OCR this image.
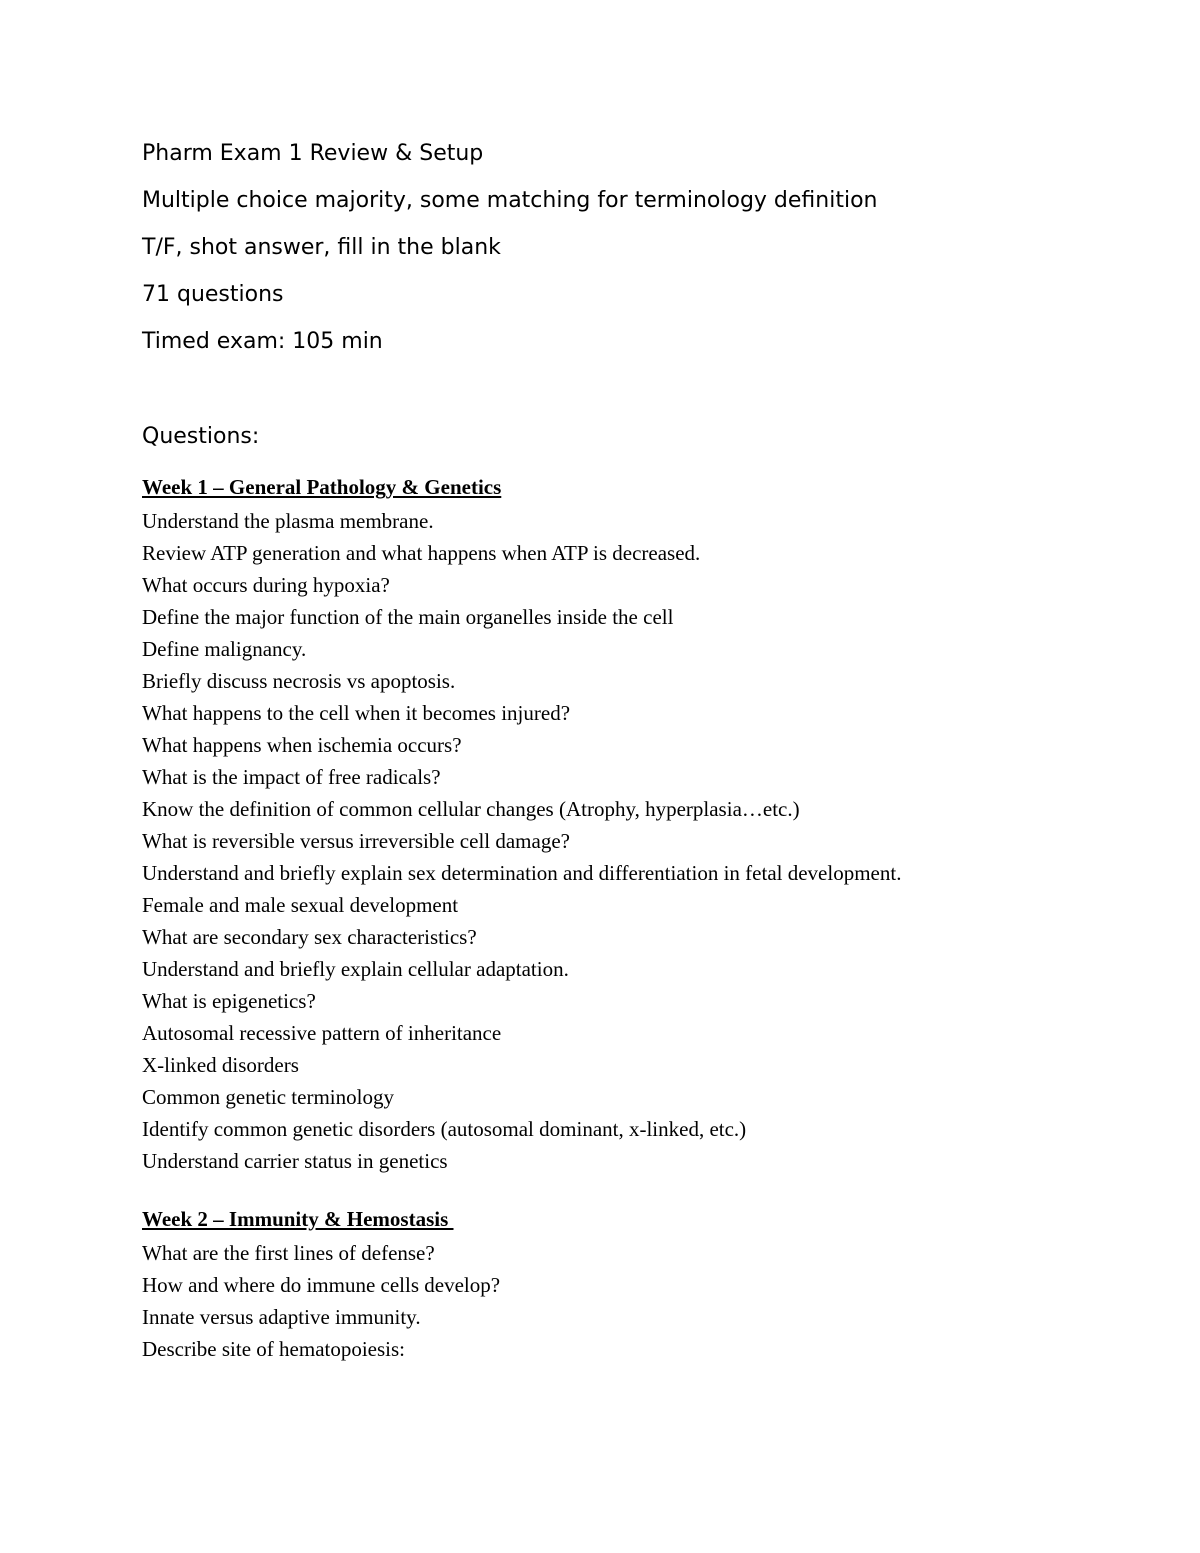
Pharm Exam 1 Review & Setup
Multiple choice majority, some matching for terminology definition
T/F, shot answer, fill in the blank
71 questions
Timed exam: 105 min
Questions:
Week 1 – General Pathology & Genetics
Understand the plasma membrane.
Review ATP generation and what happens when ATP is decreased.
What occurs during hypoxia?
Define the major function of the main organelles inside the cell
Define malignancy.
Briefly discuss necrosis vs apoptosis.
What happens to the cell when it becomes injured?
What happens when ischemia occurs?
What is the impact of free radicals?
Know the definition of common cellular changes (Atrophy, hyperplasia…etc.)
What is reversible versus irreversible cell damage?
Understand and briefly explain sex determination and differentiation in fetal development.
Female and male sexual development
What are secondary sex characteristics?
Understand and briefly explain cellular adaptation.
What is epigenetics?
Autosomal recessive pattern of inheritance
X-linked disorders
Common genetic terminology
Identify common genetic disorders (autosomal dominant, x-linked, etc.)
Understand carrier status in genetics
Week 2 – Immunity & Hemostasis
What are the first lines of defense?
How and where do immune cells develop?
Innate versus adaptive immunity.
Describe site of hematopoiesis:
